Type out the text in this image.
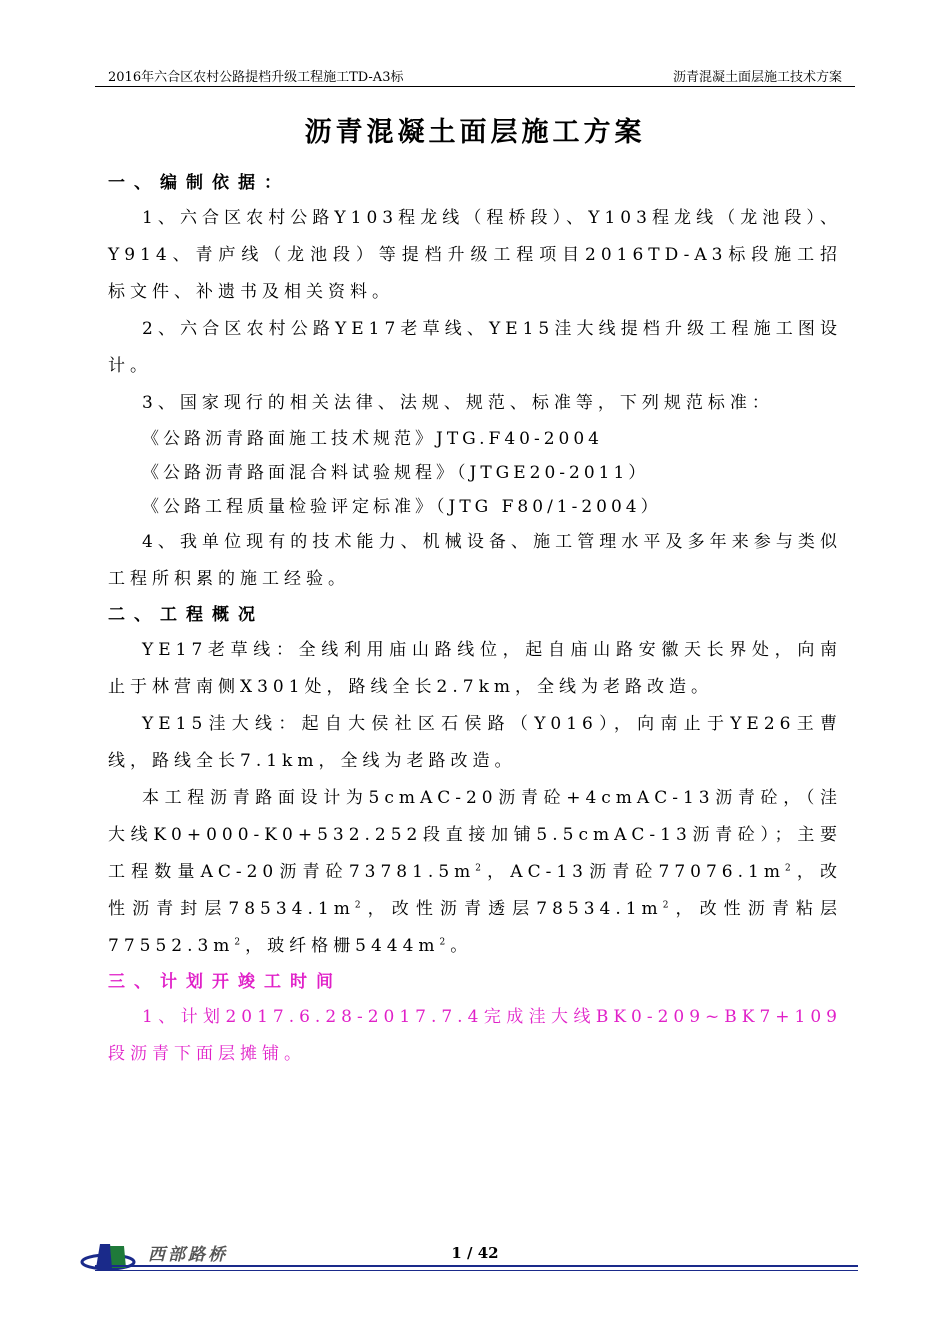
2016年六合区农村公路提档升级工程施工TD-A3标	沥青混凝土面层施工技术方案
沥青混凝土面层施工方案
一、编制依据：
1、六合区农村公路Y103程龙线（程桥段）、Y103程龙线（龙池段）、Y914、青庐线（龙池段）等提档升级工程项目2016TD-A3标段施工招标文件、补遗书及相关资料。
2、六合区农村公路YE17老草线、YE15洼大线提档升级工程施工图设计。
3、国家现行的相关法律、法规、规范、标准等，下列规范标准：
《公路沥青路面施工技术规范》JTG.F40-2004
《公路沥青路面混合料试验规程》（JTGE20-2011）
《公路工程质量检验评定标准》（JTG F80/1-2004）
4、我单位现有的技术能力、机械设备、施工管理水平及多年来参与类似工程所积累的施工经验。
二、工程概况
YE17老草线：全线利用庙山路线位，起自庙山路安徽天长界处，向南止于林营南侧X301处，路线全长2.7km，全线为老路改造。
YE15洼大线：起自大侯社区石侯路（Y016），向南止于YE26王曹线，路线全长7.1km，全线为老路改造。
本工程沥青路面设计为5cmAC-20沥青砼+4cmAC-13沥青砼，（洼大线K0+000-K0+532.252段直接加铺5.5cmAC-13沥青砼）；主要工程数量AC-20沥青砼$73781.5m^2$，AC-13沥青砼$77076.1m^2$，改性沥青封层$78534.1m^2$，改性沥青透层$78534.1m^2$，改性沥青粘层$77552.3m^2$，玻纤格栅$5444m^2$。
三、计划开竣工时间
1、计划2017.6.28-2017.7.4完成洼大线BK0-209~BK7+109段沥青下面层摊铺。
西部路桥	1 / 42
